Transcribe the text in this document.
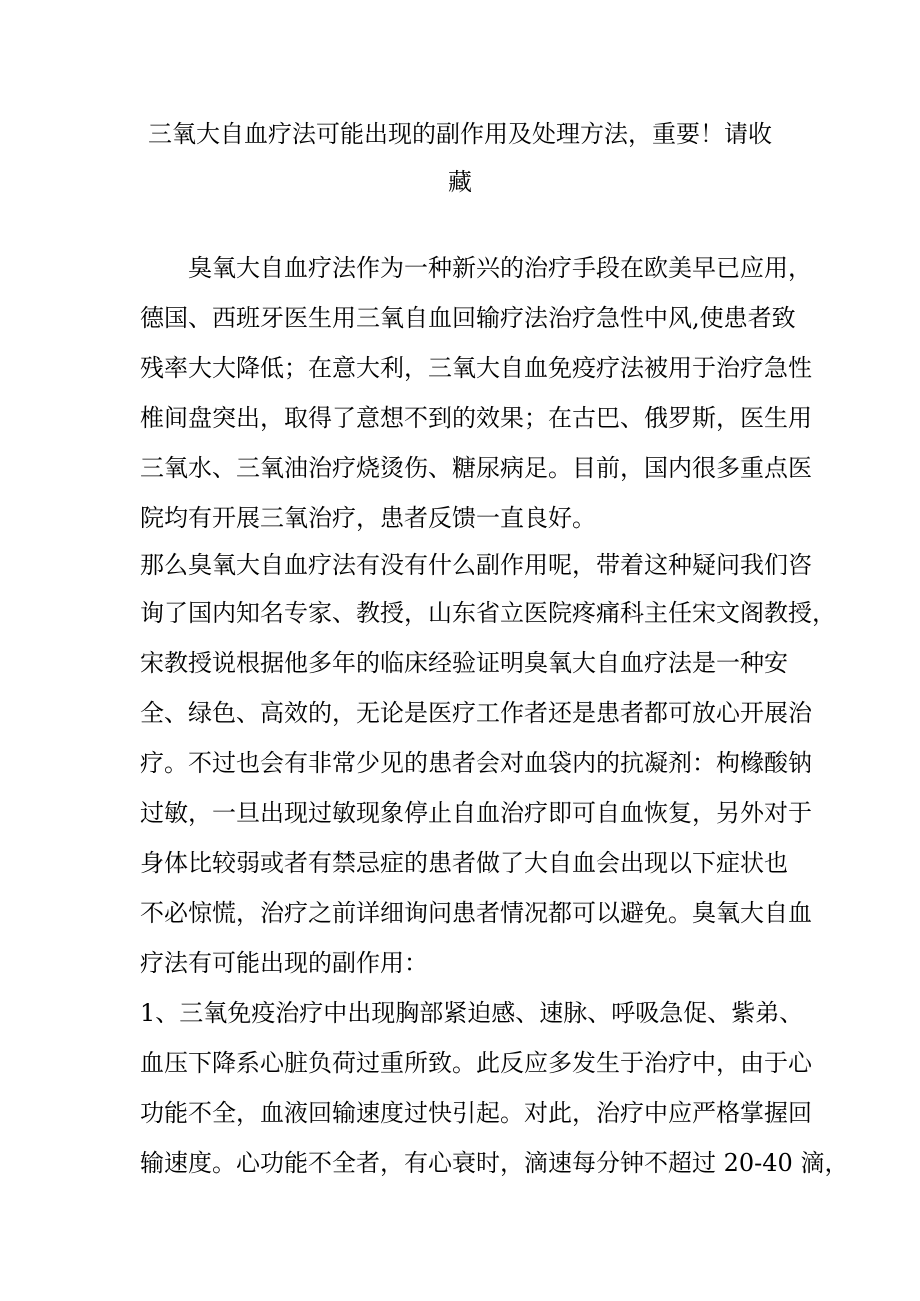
三氧大自血疗法可能出现的副作用及处理方法，重要！请收

藏

臭氧大自血疗法作为一种新兴的治疗手段在欧美早已应用，

德国、西班牙医生用三氧自血回输疗法治疗急性中风,使患者致

残率大大降低；在意大利，三氧大自血免疫疗法被用于治疗急性

椎间盘突出，取得了意想不到的效果；在古巴、俄罗斯，医生用

三氧水、三氧油治疗烧烫伤、糖尿病足。目前，国内很多重点医

院均有开展三氧治疗，患者反馈一直良好。

那么臭氧大自血疗法有没有什么副作用呢，带着这种疑问我们咨

询了国内知名专家、教授，山东省立医院疼痛科主任宋文阁教授，

宋教授说根据他多年的临床经验证明臭氧大自血疗法是一种安

全、绿色、高效的，无论是医疗工作者还是患者都可放心开展治

疗。不过也会有非常少见的患者会对血袋内的抗凝剂：枸橼酸钠

过敏，一旦出现过敏现象停止自血治疗即可自血恢复，另外对于

身体比较弱或者有禁忌症的患者做了大自血会出现以下症状也

不必惊慌，治疗之前详细询问患者情况都可以避免。臭氧大自血

疗法有可能出现的副作用：

1、三氧免疫治疗中出现胸部紧迫感、速脉、呼吸急促、紫弟、

血压下降系心脏负荷过重所致。此反应多发生于治疗中，由于心

功能不全，血液回输速度过快引起。对此，治疗中应严格掌握回

输速度。心功能不全者，有心衰时，滴速每分钟不超过 20-40 滴，
